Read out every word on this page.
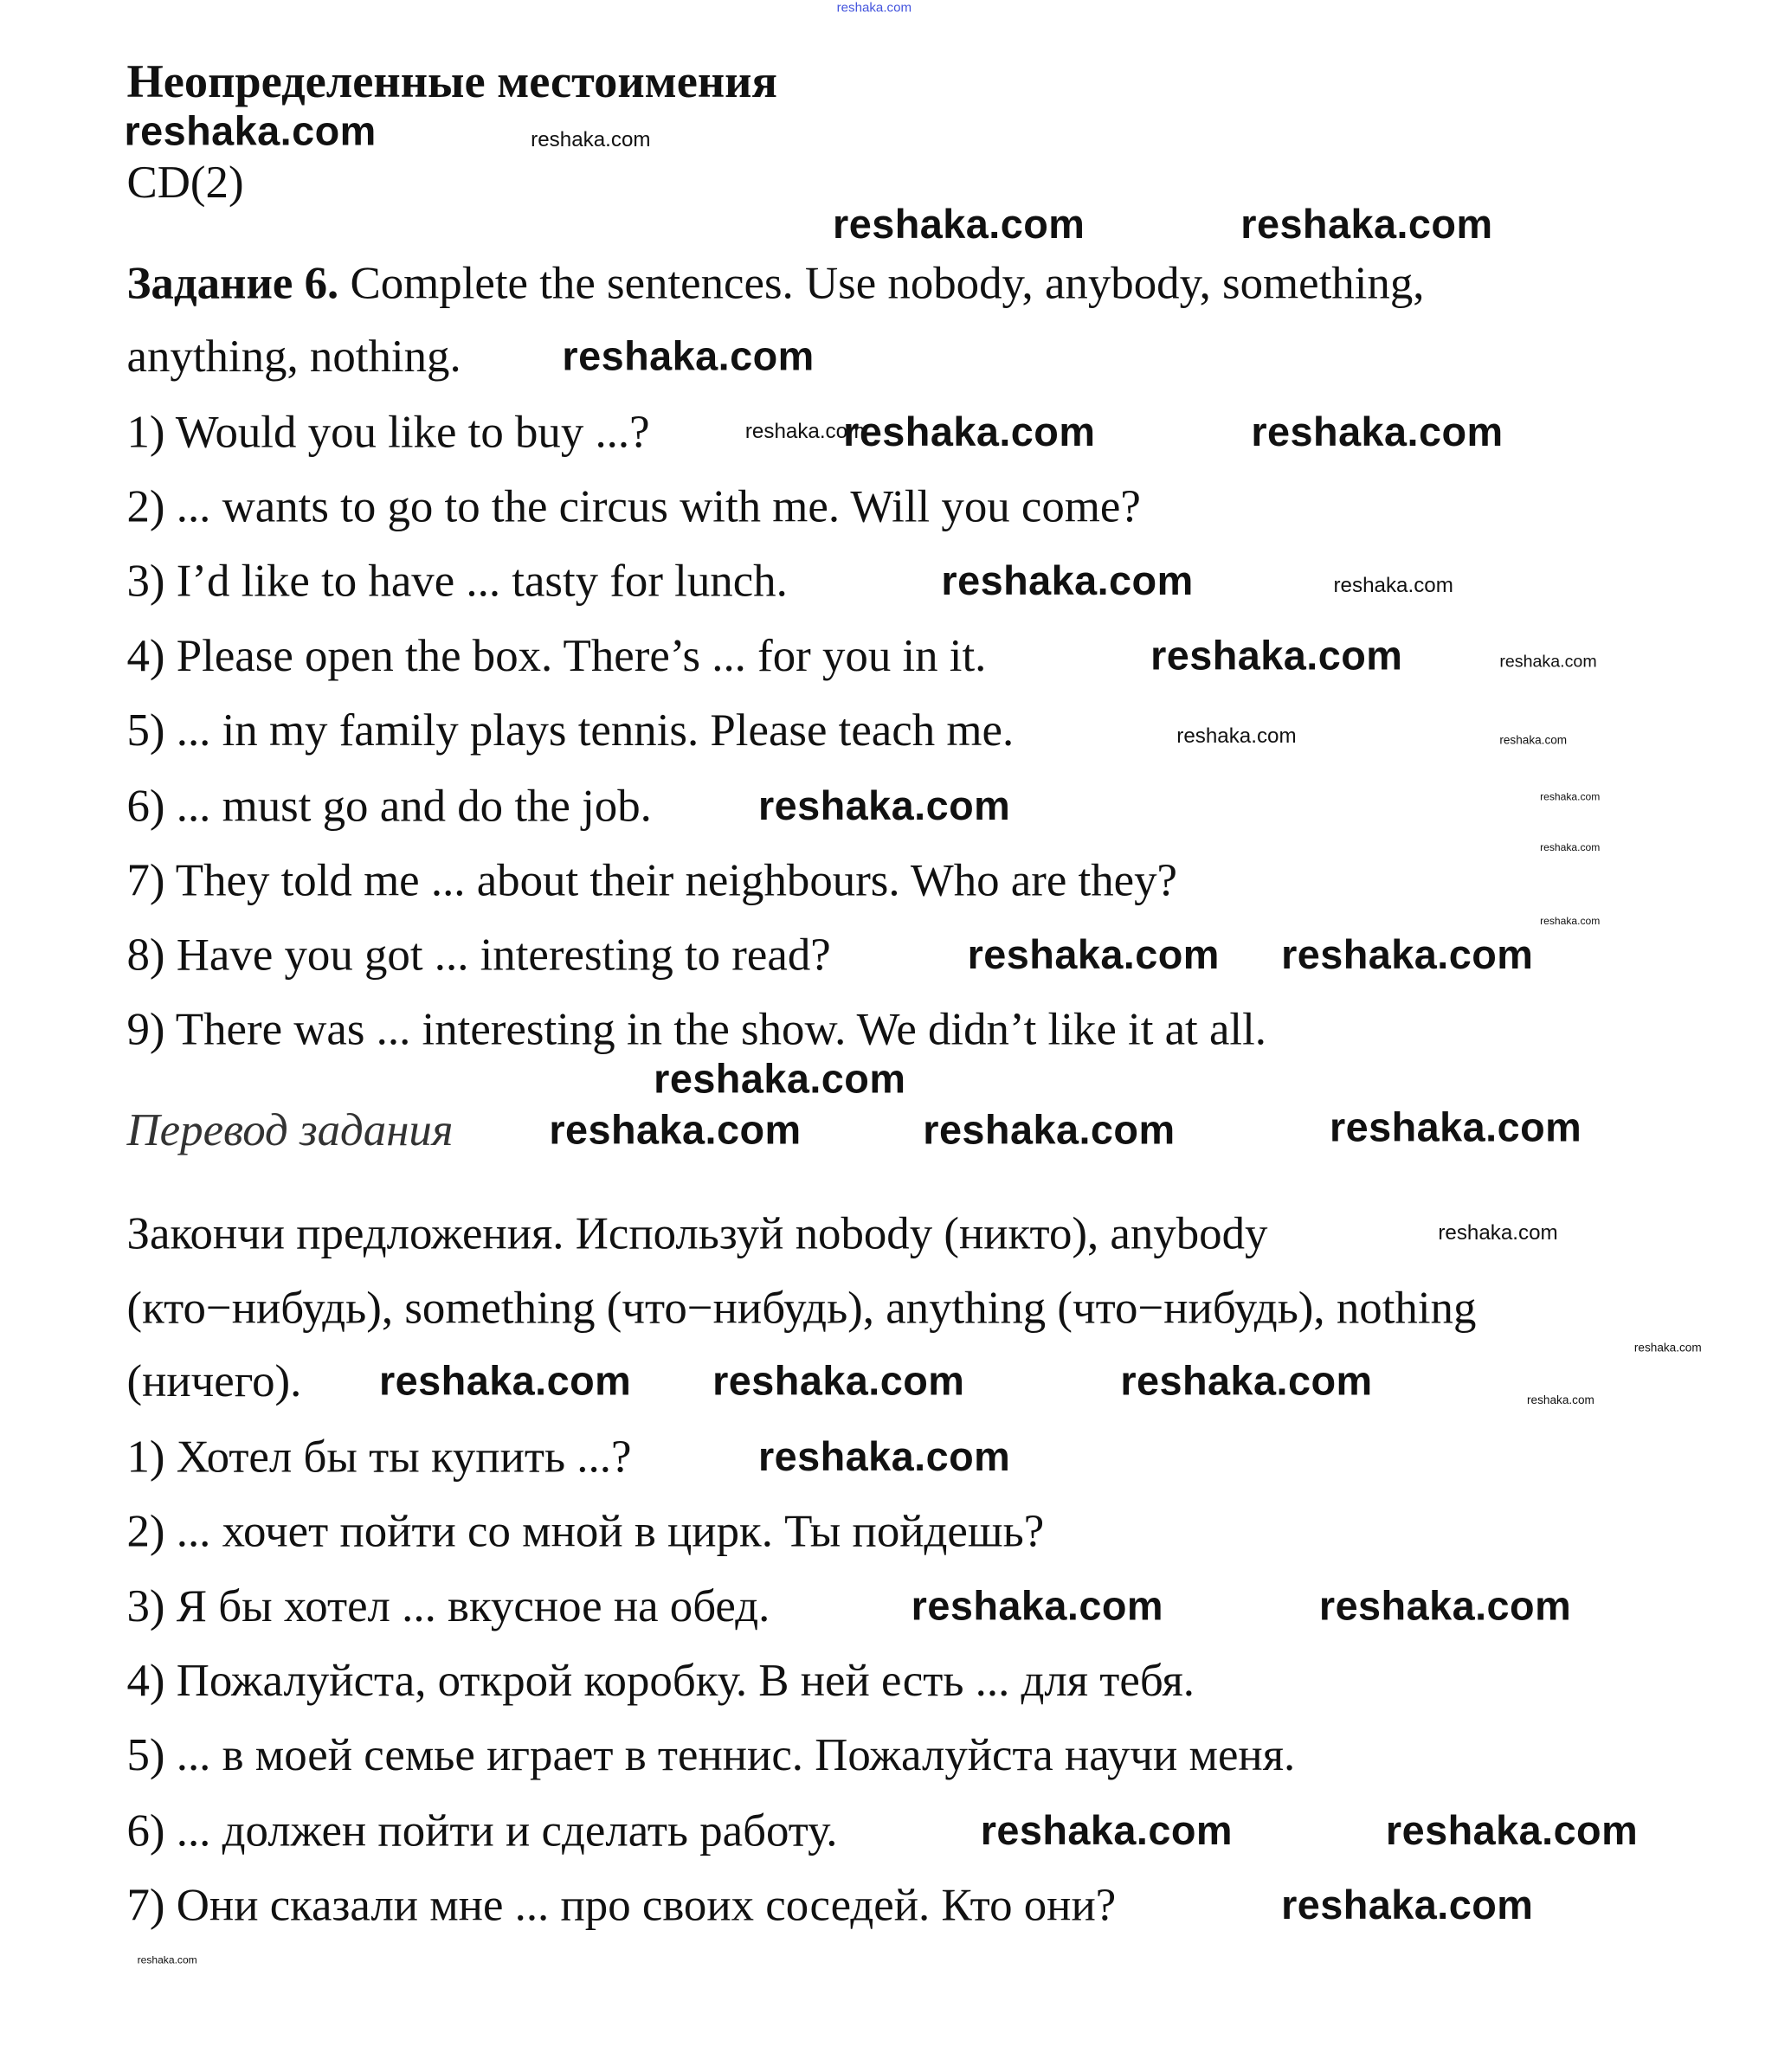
Неопределенные местоимения
CD(2)
Задание 6. Complete the sentences. Use nobody, anybody, something,
anything, nothing.
1) Would you like to buy ...?
2) ... wants to go to the circus with me. Will you come?
3) I’d like to have ... tasty for lunch.
4) Please open the box. There’s ... for you in it.
5) ... in my family plays tennis. Please teach me.
6) ... must go and do the job.
7) They told me ... about their neighbours. Who are they?
8) Have you got ... interesting to read?
9) There was ... interesting in the show. We didn’t like it at all.
Перевод задания
Закончи предложения. Используй nobody (никто), anybody
(кто−нибудь), something (что−нибудь), anything (что−нибудь), nothing
(ничего).
1) Хотел бы ты купить ...?
2) ... хочет пойти со мной в цирк. Ты пойдешь?
3) Я бы хотел ... вкусное на обед.
4) Пожалуйста, открой коробку. В ней есть ... для тебя.
5) ... в моей семье играет в теннис. Пожалуйста научи меня.
6) ... должен пойти и сделать работу.
7) Они сказали мне ... про своих соседей. Кто они?
reshaka.com
reshaka.com
reshaka.com	reshaka.com
reshaka.com
reshaka.com	reshaka.com
reshaka.com
reshaka.com
reshaka.com
reshaka.com reshaka.com
reshaka.com
reshaka.com
reshaka.com	reshaka.com
reshaka.com	reshaka.com	reshaka.com
reshaka.com	reshaka.com
reshaka.com
reshaka.com	reshaka.com
reshaka.com
reshaka.com
reshaka.com
reshaka.com
reshaka.com
reshaka.com
reshaka.com
reshaka.com
reshaka.com
reshaka.com
reshaka.com
reshaka.com
reshaka.com
reshaka.com
